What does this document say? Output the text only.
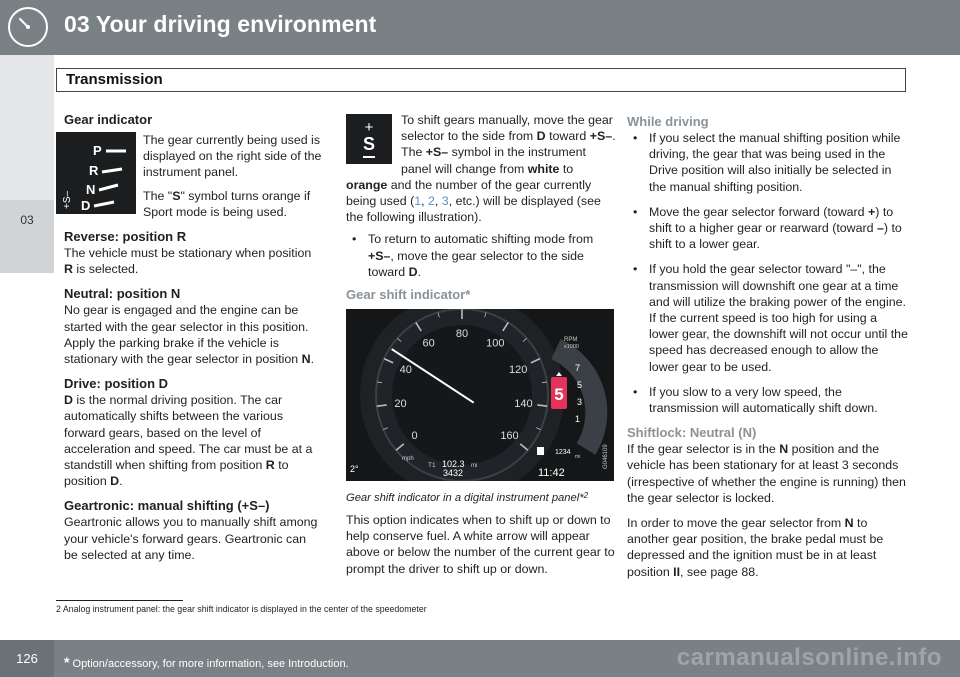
03 Your driving environment
03
Transmission
Gear indicator
P
R
N
D
+S–

The gear currently being used is displayed on the right side of the instrument panel.

The "S" symbol turns orange if Sport mode is being used.

Reverse: position R

The vehicle must be stationary when position R is selected.

Neutral: position N

No gear is engaged and the engine can be started with the gear selector in this position. Apply the parking brake if the vehicle is stationary with the gear selector in position N.

Drive: position D

D is the normal driving position. The car automatically shifts between the various forward gears, based on the level of acceleration and speed. The car must be at a standstill when shifting from position R to position D.

Geartronic: manual shifting (+S–)

Geartronic allows you to manually shift among your vehicle's forward gears. Geartronic can be selected at any time.

+
S

To shift gears manually, move the gear selector to the side from D toward +S–. The +S– symbol in the instrument panel will change from white to orange and the number of the gear currently being used (1, 2, 3, etc.) will be displayed (see the following illustration).

• To return to automatic shifting mode from +S–, move the gear selector to the side toward D.
Gear shift indicator*
0
20
40
60
80
100
120
140
160
mph
T1 102.3 mi
3432
2°	11:42
RPM
x1000
7
5
3
1
5
1234
mi	G046109

Gear shift indicator in a digital instrument panel*$^2$

This option indicates when to shift up or down to help conserve fuel. A white arrow will appear above or below the number of the current gear to prompt the driver to shift up or down.

While driving
• If you select the manual shifting position while driving, the gear that was being used in the Drive position will also initially be selected in the manual shifting position.
• Move the gear selector forward (toward +) to shift to a higher gear or rearward (toward –) to shift to a lower gear.
• If you hold the gear selector toward "–", the transmission will downshift one gear at a time and will utilize the braking power of the engine. If the current speed is too high for using a lower gear, the downshift will not occur until the speed has decreased enough to allow the lower gear to be used.
• If you slow to a very low speed, the transmission will automatically shift down.
Shiftlock: Neutral (N)

If the gear selector is in the N position and the vehicle has been stationary for at least 3 seconds (irrespective of whether the engine is running) then the gear selector is locked.

In order to move the gear selector from N to another gear position, the brake pedal must be depressed and the ignition must be in at least position II, see page 88.

2 Analog instrument panel: the gear shift indicator is displayed in the center of the speedometer
126	* Option/accessory, for more information, see Introduction.	carmanualsonline.info
